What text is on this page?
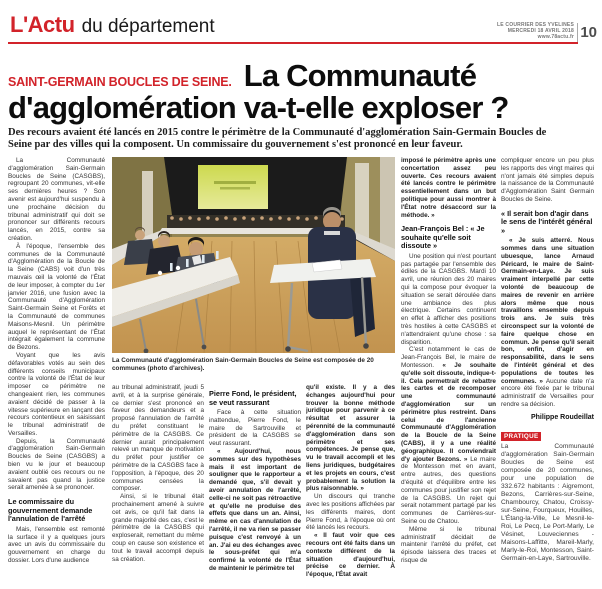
L'Actu du département	LE COURRIER DES YVELINES
MERCREDI 18 AVRIL 2018
www.78actu.fr 10
SAINT-GERMAIN BOUCLES DE SEINE. La Communauté
d'agglomération va-t-elle exploser ?
Des recours avaient été lancés en 2015 contre le périmètre de la Communauté d'agglomération Sain-Germain Boucles de Seine par des villes qui la composent. Un commissaire du gouvernement s'est prononcé en leur faveur.

La Communauté d'agglomération Sain-Germain Boucles de Seine (CASGBS), regroupant 20 communes, vit-elle ses dernières heures ? Son avenir est aujourd'hui suspendu à une prochaine décision du tribunal administratif qui doit se prononcer sur différents recours lancés, en 2015, contre sa création.

À l'époque, l'ensemble des communes de la Communauté d'Agglomération de la Boucle de la Seine (CABS) voit d'un très mauvais œil la volonté de l'État de leur imposer, à compter du 1er janvier 2016, une fusion avec la Communauté d'Agglomération Saint-Germain Seine et Forêts et la Communauté de communes Maisons-Mesnil. Un périmètre auquel le représentant de l'État intégrait également la commune de Bezons.

Voyant que les avis défavorables votés au sein des différents conseils municipaux contre la volonté de l'État de leur imposer ce périmètre ne changeaient rien, les communes avaient décidé de passer à la vitesse supérieure en lançant des recours contentieux en saisissant le tribunal administratif de Versailles.

Depuis, la Communauté d'agglomération Sain-Germain Boucles de Seine (CASGBS) a bien vu le jour et beaucoup avaient oublié ces recours ou ne savaient pas quand la justice serait amenée à se prononcer.

Le commissaire du gouvernement demande l'annulation de l'arrêté

Mais, l'ensemble est remonté la surface il y a quelques jours avec un avis du commissaire du gouvernement en charge du dossier. Lors d'une audience

La Communauté d'agglomération Sain-Germain Boucles de Seine est composée de 20 communes (photo d'archives).

au tribunal administratif, jeudi 5 avril, et à la surprise générale, ce dernier s'est prononcé en faveur des demandeurs et a proposé l'annulation de l'arrêté du préfet constituant le périmètre de la CASGBS. Ce dernier aurait principalement relevé un manque de motivation du préfet pour justifier ce périmètre de la CASGBS face à l'opposition, à l'époque, des 20 communes censées la composer.

Ainsi, si le tribunal était prochainement amené à suivre cet avis, ce qu'il fait dans la grande majorité des cas, c'est le périmètre de la CASGBS qui exploserait, remettant du même coup en cause son existence et tout le travail accompli depuis sa création.

Pierre Fond, le président, se veut rassurant

Face à cette situation inattendue, Pierre Fond, le maire de Sartrouville et président de la CASGBS se veut rassurant.

« Aujourd'hui, nous sommes sur des hypothèses mais il est important de souligner que le rapporteur a demandé que, s'il devait y avoir annulation de l'arrêté, celle-ci ne soit pas rétroactive et qu'elle ne produise des effets que dans un an. Ainsi, même en cas d'annulation de l'arrêté, il ne va rien se passer puisque c'est renvoyé à un an. J'ai eu des échanges avec le sous-préfet qui m'a confirmé la volonté de l'État de maintenir le périmètre tel

qu'il existe. Il y a des échanges aujourd'hui pour trouver la bonne méthode juridique pour parvenir à ce résultat et assurer la pérennité de la communauté d'agglomération dans son périmètre et ses compétences. Je pense que, vu le travail accompli et les liens juridiques, budgétaires et les projets en cours, c'est probablement la solution la plus raisonnable. »

Un discours qui tranche avec les positions affichées par les différents maires, dont Pierre Fond, à l'époque où ont été lancés les recours.

« Il faut voir que ces recours ont été faits dans un contexte différent de la situation d'aujourd'hui, précise ce dernier. À l'époque, l'État avait

imposé le périmètre après une concertation assez peu ouverte. Ces recours avaient été lancés contre le périmètre essentiellement dans un but politique pour aussi montrer à l'État notre désaccord sur la méthode. »

Jean-François Bel : « Je souhaite qu'elle soit dissoute »

Une position qui n'est pourtant pas partagée par l'ensemble des édiles de la CASGBS. Mardi 10 avril, une réunion des 20 maires qui la compose pour évoquer la situation se serait déroulée dans une ambiance des plus électrique. Certains continuent en effet à afficher des positions très hostiles à cette CASGBS et n'attendraient qu'une chose : sa disparition.

C'est notamment le cas de Jean-François Bel, le maire de Montesson. « Je souhaite qu'elle soit dissoute, indique-t-il. Cela permettrait de rebattre les cartes et de recomposer une communauté d'agglomération sur un périmètre plus restreint. Dans celui de l'ancienne Communauté d'Agglomération de la Boucle de la Seine (CABS), il y a une réalité géographique. Il conviendrait d'y ajouter Bezons. » Le maire de Montesson met en avant, entre autres, des questions d'équité et d'équilibre entre les communes pour justifier son rejet de la CASGBS. Un rejet qui serait notamment partagé par les communes de Carrières-sur-Seine ou de Chatou.

Même si le tribunal administratif décidait de maintenir l'arrêté du préfet, cet épisode laissera des traces et risque de

compliquer encore un peu plus les rapports des vingt maires qui n'ont jamais été simples depuis la naissance de la Communauté d'Agglomération Saint Germain Boucles de Seine.

« Il serait bon d'agir dans le sens de l'intérêt général »

« Je suis atterré. Nous sommes dans une situation ubuesque, lance Arnaud Péricard, le maire de Saint-Germain-en-Laye. Je suis vraiment interpellé par cette volonté de beaucoup de maires de revenir en arrière alors même que nous travaillons ensemble depuis trois ans. Je suis très circonspect sur la volonté de faire quelque chose en commun. Je pense qu'il serait bon, enfin, d'agir en responsabilité, dans le sens de l'intérêt général et des populations de toutes les communes. » Aucune date n'a encore été fixée par le tribunal administratif de Versailles pour rendre sa décision.

Philippe Roudeillat
PRATIQUE
La Communauté d'agglomération Sain-Germain Boucles de Seine est composée de 20 communes, pour une population de 332.672 habitants : Aigremont, Bezons, Carrières-sur-Seine, Chambourcy, Chatou, Croissy-sur-Seine, Fourqueux, Houilles, L'Étang-la-Ville, Le Mesnil-le-Roi, Le Pecq, Le Port-Marly, Le Vésinet, Louveciennes - Maisons-Laffitte, Mareil-Marly, Marly-le-Roi, Montesson, Saint-Germain-en-Laye, Sartrouville.
